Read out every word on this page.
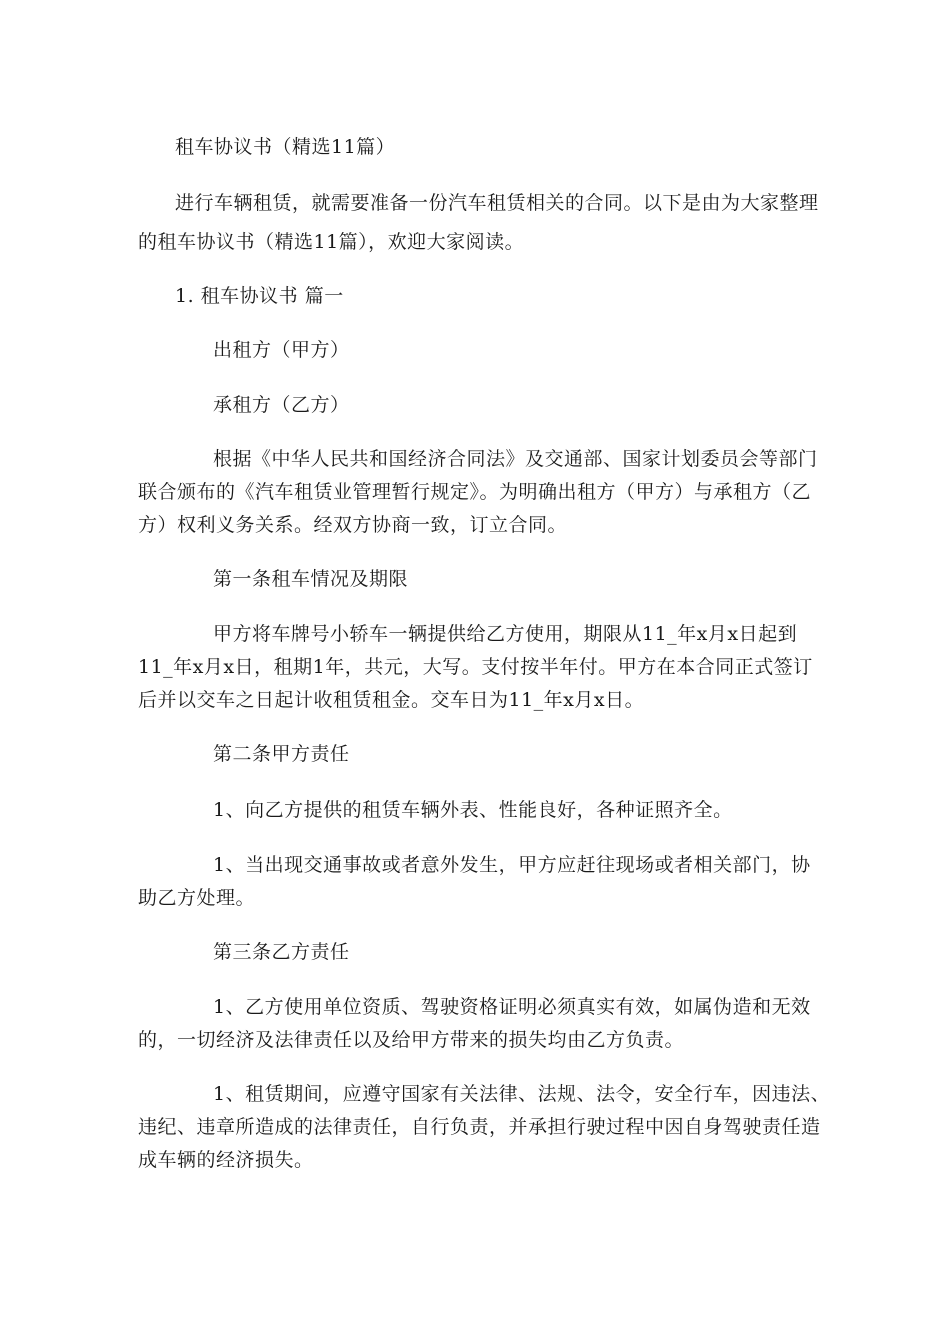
租车协议书（精选11篇）

进行车辆租赁，就需要准备一份汽车租赁相关的合同。以下是由为大家整理
的租车协议书（精选11篇），欢迎大家阅读。

1. 租车协议书 篇一

出租方（甲方）

承租方（乙方）

根据《中华人民共和国经济合同法》及交通部、国家计划委员会等部门
联合颁布的《汽车租赁业管理暂行规定》。为明确出租方（甲方）与承租方（乙
方）权利义务关系。经双方协商一致，订立合同。

第一条租车情况及期限

甲方将车牌号小轿车一辆提供给乙方使用，期限从11_年x月x日起到
11_年x月x日，租期1年，共元，大写。支付按半年付。甲方在本合同正式签订
后并以交车之日起计收租赁租金。交车日为11_年x月x日。

第二条甲方责任

1、向乙方提供的租赁车辆外表、性能良好，各种证照齐全。

1、当出现交通事故或者意外发生，甲方应赶往现场或者相关部门，协
助乙方处理。

第三条乙方责任

1、乙方使用单位资质、驾驶资格证明必须真实有效，如属伪造和无效
的，一切经济及法律责任以及给甲方带来的损失均由乙方负责。

1、租赁期间，应遵守国家有关法律、法规、法令，安全行车，因违法、
违纪、违章所造成的法律责任，自行负责，并承担行驶过程中因自身驾驶责任造
成车辆的经济损失。
